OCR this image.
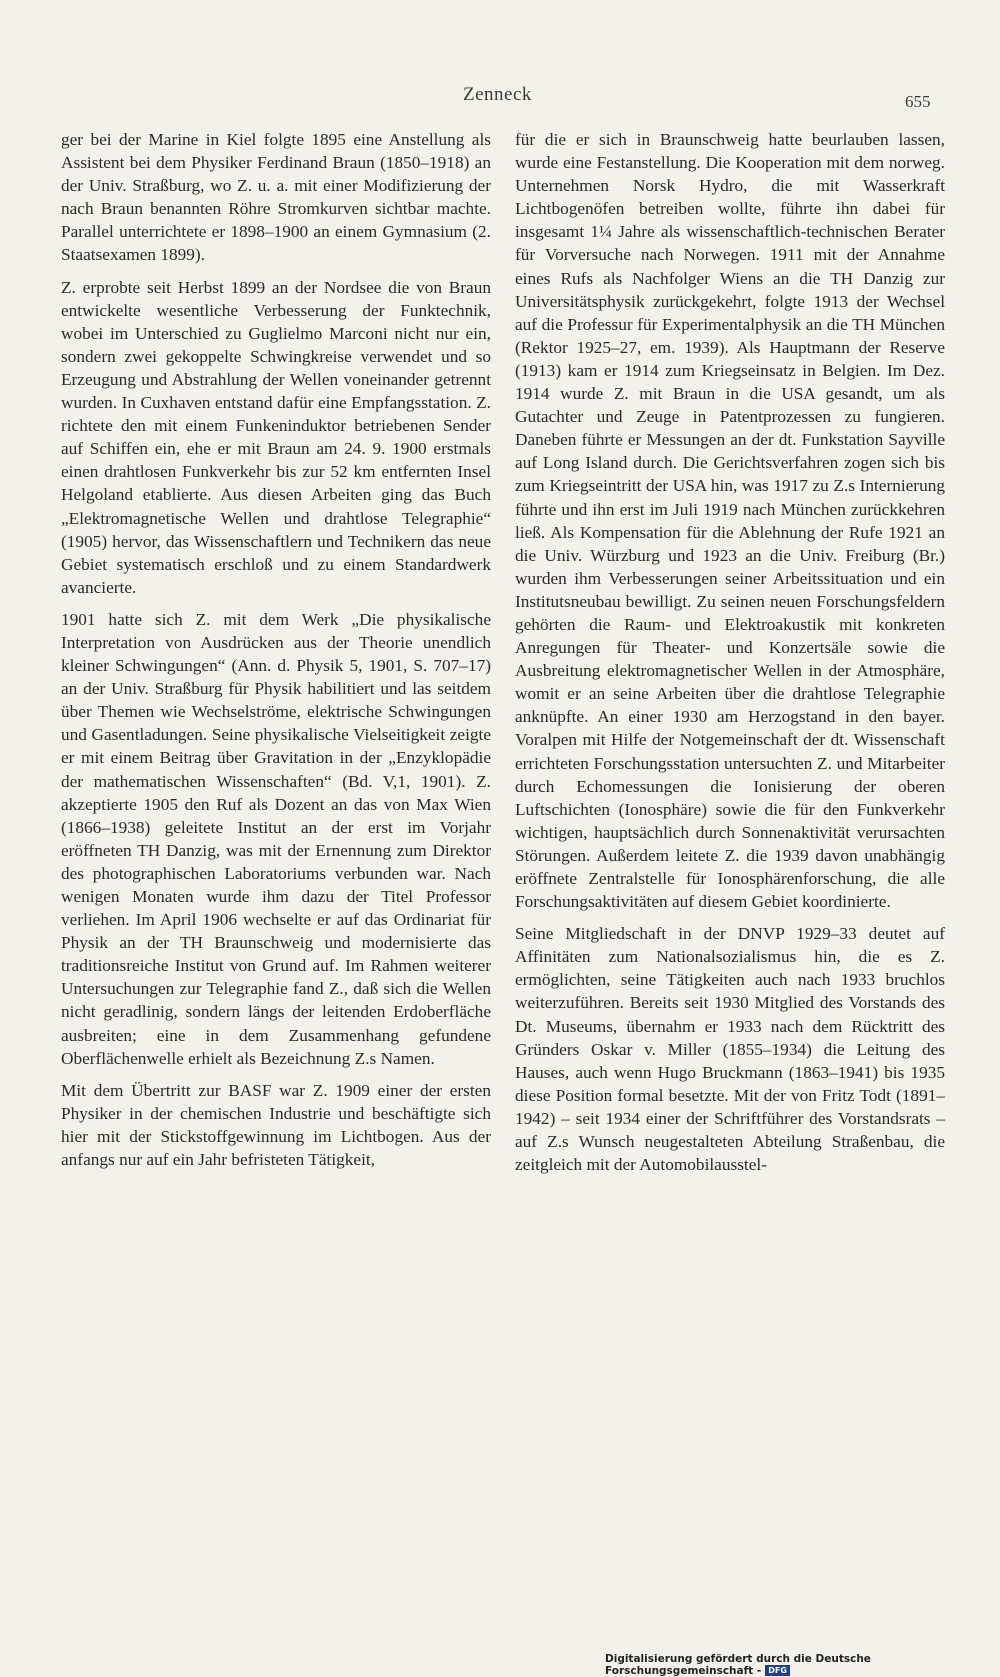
Zenneck	655

ger bei der Marine in Kiel folgte 1895 eine Anstellung als Assistent bei dem Physiker Ferdinand Braun (1850–1918) an der Univ. Straßburg, wo Z. u. a. mit einer Modifizierung der nach Braun benannten Röhre Stromkurven sichtbar machte. Parallel unterrichtete er 1898–1900 an einem Gymnasium (2. Staatsexamen 1899).

Z. erprobte seit Herbst 1899 an der Nordsee die von Braun entwickelte wesentliche Verbesserung der Funktechnik, wobei im Unterschied zu Guglielmo Marconi nicht nur ein, sondern zwei gekoppelte Schwingkreise verwendet und so Erzeugung und Abstrahlung der Wellen voneinander getrennt wurden. In Cuxhaven entstand dafür eine Empfangsstation. Z. richtete den mit einem Funkeninduktor betriebenen Sender auf Schiffen ein, ehe er mit Braun am 24. 9. 1900 erstmals einen drahtlosen Funkverkehr bis zur 52 km entfernten Insel Helgoland etablierte. Aus diesen Arbeiten ging das Buch „Elektromagnetische Wellen und drahtlose Telegraphie“ (1905) hervor, das Wissenschaftlern und Technikern das neue Gebiet systematisch erschloß und zu einem Standardwerk avancierte.

1901 hatte sich Z. mit dem Werk „Die physikalische Interpretation von Ausdrücken aus der Theorie unendlich kleiner Schwingungen“ (Ann. d. Physik 5, 1901, S. 707–17) an der Univ. Straßburg für Physik habilitiert und las seitdem über Themen wie Wechselströme, elektrische Schwingungen und Gasentladungen. Seine physikalische Vielseitigkeit zeigte er mit einem Beitrag über Gravitation in der „Enzyklopädie der mathematischen Wissenschaften“ (Bd. V,1, 1901). Z. akzeptierte 1905 den Ruf als Dozent an das von Max Wien (1866–1938) geleitete Institut an der erst im Vorjahr eröffneten TH Danzig, was mit der Ernennung zum Direktor des photographischen Laboratoriums verbunden war. Nach wenigen Monaten wurde ihm dazu der Titel Professor verliehen. Im April 1906 wechselte er auf das Ordinariat für Physik an der TH Braunschweig und modernisierte das traditionsreiche Institut von Grund auf. Im Rahmen weiterer Untersuchungen zur Telegraphie fand Z., daß sich die Wellen nicht geradlinig, sondern längs der leitenden Erdoberfläche ausbreiten; eine in dem Zusammenhang gefundene Oberflächenwelle erhielt als Bezeichnung Z.s Namen.

Mit dem Übertritt zur BASF war Z. 1909 einer der ersten Physiker in der chemischen Industrie und beschäftigte sich hier mit der Stickstoffgewinnung im Lichtbogen. Aus der anfangs nur auf ein Jahr befristeten Tätigkeit,

für die er sich in Braunschweig hatte beurlauben lassen, wurde eine Festanstellung. Die Kooperation mit dem norweg. Unternehmen Norsk Hydro, die mit Wasserkraft Lichtbogenöfen betreiben wollte, führte ihn dabei für insgesamt 1¼ Jahre als wissenschaftlich-technischen Berater für Vorversuche nach Norwegen. 1911 mit der Annahme eines Rufs als Nachfolger Wiens an die TH Danzig zur Universitätsphysik zurückgekehrt, folgte 1913 der Wechsel auf die Professur für Experimentalphysik an die TH München (Rektor 1925–27, em. 1939). Als Hauptmann der Reserve (1913) kam er 1914 zum Kriegseinsatz in Belgien. Im Dez. 1914 wurde Z. mit Braun in die USA gesandt, um als Gutachter und Zeuge in Patentprozessen zu fungieren. Daneben führte er Messungen an der dt. Funkstation Sayville auf Long Island durch. Die Gerichtsverfahren zogen sich bis zum Kriegseintritt der USA hin, was 1917 zu Z.s Internierung führte und ihn erst im Juli 1919 nach München zurückkehren ließ. Als Kompensation für die Ablehnung der Rufe 1921 an die Univ. Würzburg und 1923 an die Univ. Freiburg (Br.) wurden ihm Verbesserungen seiner Arbeitssituation und ein Institutsneubau bewilligt. Zu seinen neuen Forschungsfeldern gehörten die Raum- und Elektroakustik mit konkreten Anregungen für Theater- und Konzertsäle sowie die Ausbreitung elektromagnetischer Wellen in der Atmosphäre, womit er an seine Arbeiten über die drahtlose Telegraphie anknüpfte. An einer 1930 am Herzogstand in den bayer. Voralpen mit Hilfe der Notgemeinschaft der dt. Wissenschaft errichteten Forschungsstation untersuchten Z. und Mitarbeiter durch Echomessungen die Ionisierung der oberen Luftschichten (Ionosphäre) sowie die für den Funkverkehr wichtigen, hauptsächlich durch Sonnenaktivität verursachten Störungen. Außerdem leitete Z. die 1939 davon unabhängig eröffnete Zentralstelle für Ionosphärenforschung, die alle Forschungsaktivitäten auf diesem Gebiet koordinierte.

Seine Mitgliedschaft in der DNVP 1929–33 deutet auf Affinitäten zum Nationalsozialismus hin, die es Z. ermöglichten, seine Tätigkeiten auch nach 1933 bruchlos weiterzuführen. Bereits seit 1930 Mitglied des Vorstands des Dt. Museums, übernahm er 1933 nach dem Rücktritt des Gründers Oskar v. Miller (1855–1934) die Leitung des Hauses, auch wenn Hugo Bruckmann (1863–1941) bis 1935 diese Position formal besetzte. Mit der von Fritz Todt (1891–1942) – seit 1934 einer der Schriftführer des Vorstandsrats – auf Z.s Wunsch neugestalteten Abteilung Straßenbau, die zeitgleich mit der Automobilausstel-

Digitalisierung gefördert durch die Deutsche Forschungsgemeinschaft - DFG
